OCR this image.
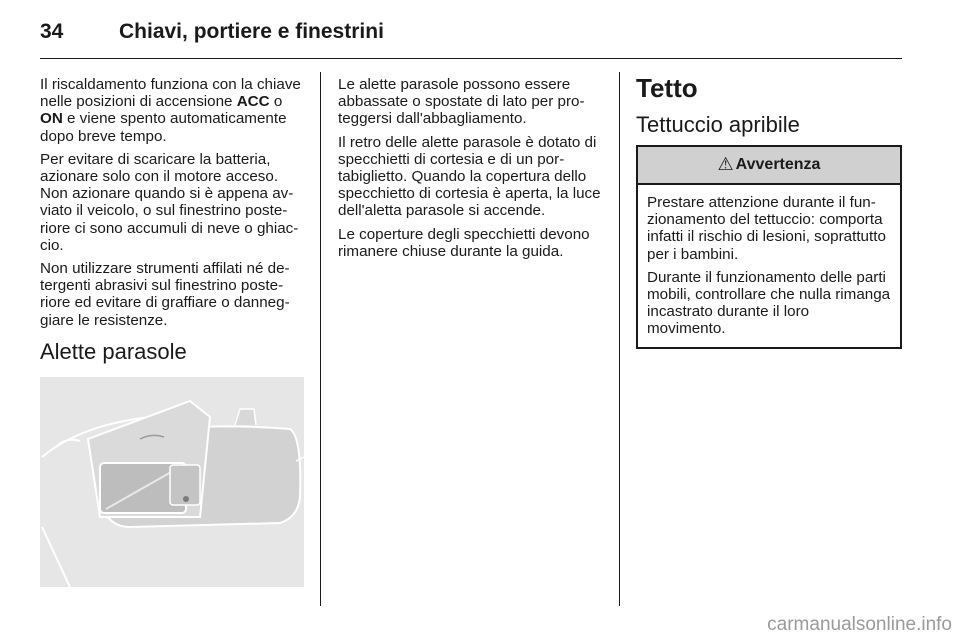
34	Chiavi, portiere e finestrini

Il riscaldamento funziona con la chiave nelle posizioni di accensione ACC o ON e viene spento automaticamente dopo breve tempo.

Per evitare di scaricare la batteria, azionare solo con il motore acceso. Non azionare quando si è appena avviato il veicolo, o sul finestrino posteriore ci sono accumuli di neve o ghiaccio.

Non utilizzare strumenti affilati né detergenti abrasivi sul finestrino posteriore ed evitare di graffiare o danneggiare le resistenze.

Alette parasole

Le alette parasole possono essere abbassate o spostate di lato per proteggersi dall'abbagliamento.

Il retro delle alette parasole è dotato di specchietti di cortesia e di un portabiglietto. Quando la copertura dello specchietto di cortesia è aperta, la luce dell'aletta parasole si accende.

Le coperture degli specchietti devono rimanere chiuse durante la guida.

Tetto
Tettuccio apribile
⚠ Avvertenza

Prestare attenzione durante il funzionamento del tettuccio: comporta infatti il rischio di lesioni, soprattutto per i bambini.

Durante il funzionamento delle parti mobili, controllare che nulla rimanga incastrato durante il loro movimento.

carmanualsonline.info
